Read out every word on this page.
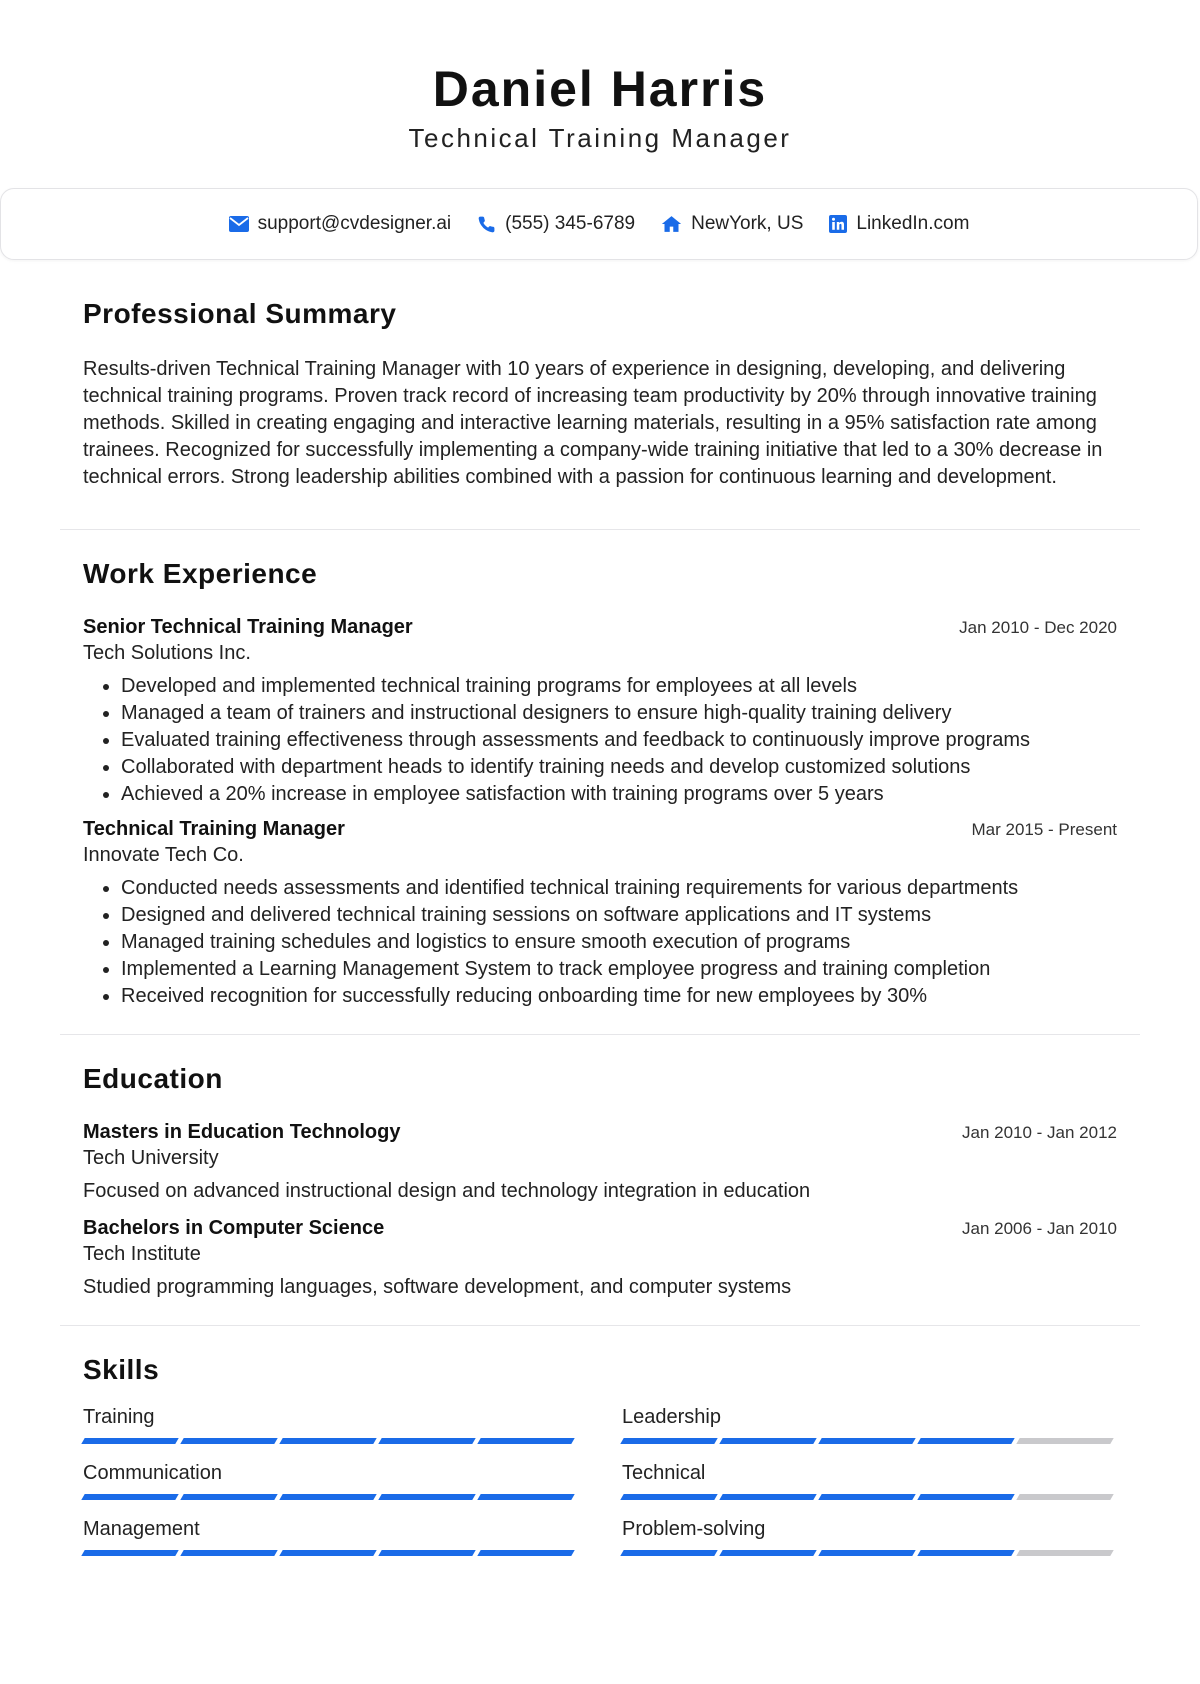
Daniel Harris
Technical Training Manager
support@cvdesigner.ai	(555) 345-6789	NewYork, US	LinkedIn.com
Professional Summary

Results-driven Technical Training Manager with 10 years of experience in designing, developing, and delivering technical training programs. Proven track record of increasing team productivity by 20% through innovative training methods. Skilled in creating engaging and interactive learning materials, resulting in a 95% satisfaction rate among trainees. Recognized for successfully implementing a company-wide training initiative that led to a 30% decrease in technical errors. Strong leadership abilities combined with a passion for continuous learning and development.

Work Experience
Senior Technical Training Manager	Jan 2010 - Dec 2020
Tech Solutions Inc.
• Developed and implemented technical training programs for employees at all levels
• Managed a team of trainers and instructional designers to ensure high-quality training delivery
• Evaluated training effectiveness through assessments and feedback to continuously improve programs
• Collaborated with department heads to identify training needs and develop customized solutions
• Achieved a 20% increase in employee satisfaction with training programs over 5 years
Technical Training Manager	Mar 2015 - Present
Innovate Tech Co.
• Conducted needs assessments and identified technical training requirements for various departments
• Designed and delivered technical training sessions on software applications and IT systems
• Managed training schedules and logistics to ensure smooth execution of programs
• Implemented a Learning Management System to track employee progress and training completion
• Received recognition for successfully reducing onboarding time for new employees by 30%
Education
Masters in Education Technology	Jan 2010 - Jan 2012
Tech University
Focused on advanced instructional design and technology integration in education
Bachelors in Computer Science	Jan 2006 - Jan 2010
Tech Institute
Studied programming languages, software development, and computer systems
Skills
Training	Leadership
Communication	Technical
Management	Problem-solving
